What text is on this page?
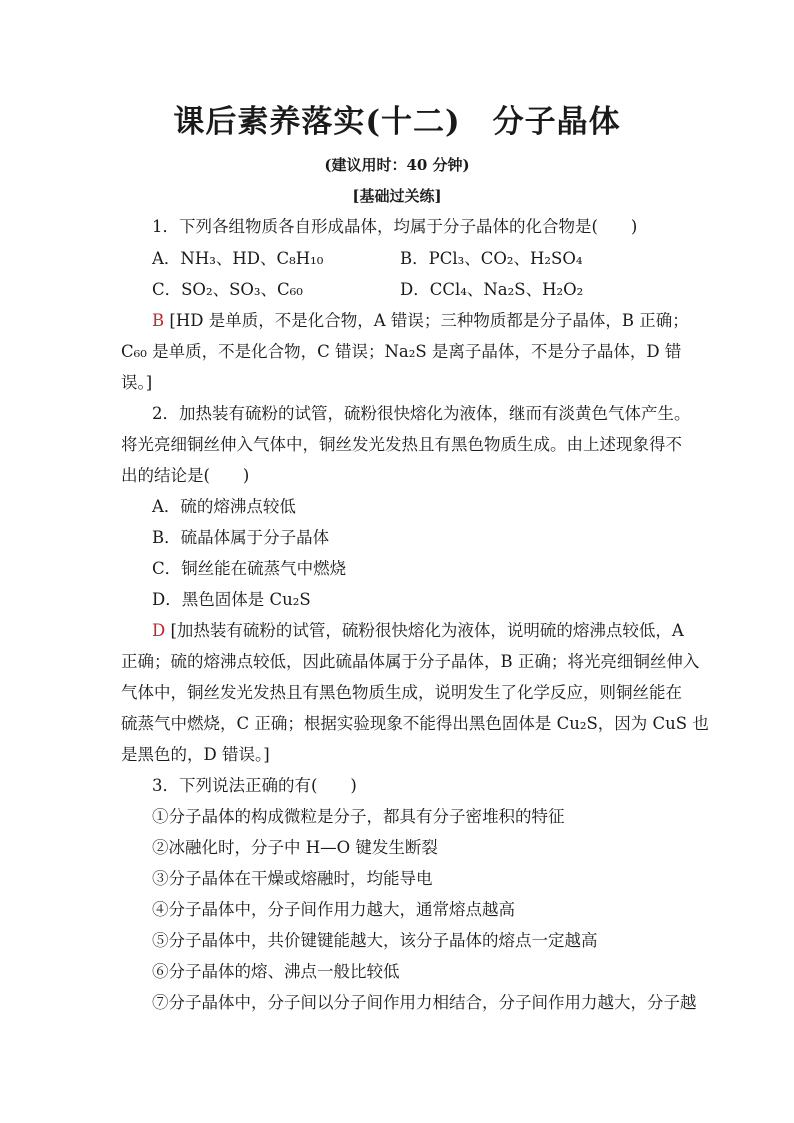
课后素养落实(十二)　分子晶体
(建议用时：40 分钟)
[基础过关练]
1．下列各组物质各自形成晶体，均属于分子晶体的化合物是(　　)
A．NH₃、HD、C₈H₁₀	B．PCl₃、CO₂、H₂SO₄
C．SO₂、SO₃、C₆₀	D．CCl₄、Na₂S、H₂O₂
B [HD 是单质，不是化合物，A 错误；三种物质都是分子晶体，B 正确；
C₆₀ 是单质，不是化合物，C 错误；Na₂S 是离子晶体，不是分子晶体，D 错
误。]
2．加热装有硫粉的试管，硫粉很快熔化为液体，继而有淡黄色气体产生。
将光亮细铜丝伸入气体中，铜丝发光发热且有黑色物质生成。由上述现象得不
出的结论是(　　)
A．硫的熔沸点较低
B．硫晶体属于分子晶体
C．铜丝能在硫蒸气中燃烧
D．黑色固体是 Cu₂S
D [加热装有硫粉的试管，硫粉很快熔化为液体，说明硫的熔沸点较低，A
正确；硫的熔沸点较低，因此硫晶体属于分子晶体，B 正确；将光亮细铜丝伸入
气体中，铜丝发光发热且有黑色物质生成，说明发生了化学反应，则铜丝能在
硫蒸气中燃烧，C 正确；根据实验现象不能得出黑色固体是 Cu₂S，因为 CuS 也
是黑色的，D 错误。]
3．下列说法正确的有(　　)
①分子晶体的构成微粒是分子，都具有分子密堆积的特征
②冰融化时，分子中 H—O 键发生断裂
③分子晶体在干燥或熔融时，均能导电
④分子晶体中，分子间作用力越大，通常熔点越高
⑤分子晶体中，共价键键能越大，该分子晶体的熔点一定越高
⑥分子晶体的熔、沸点一般比较低
⑦分子晶体中，分子间以分子间作用力相结合，分子间作用力越大，分子越
